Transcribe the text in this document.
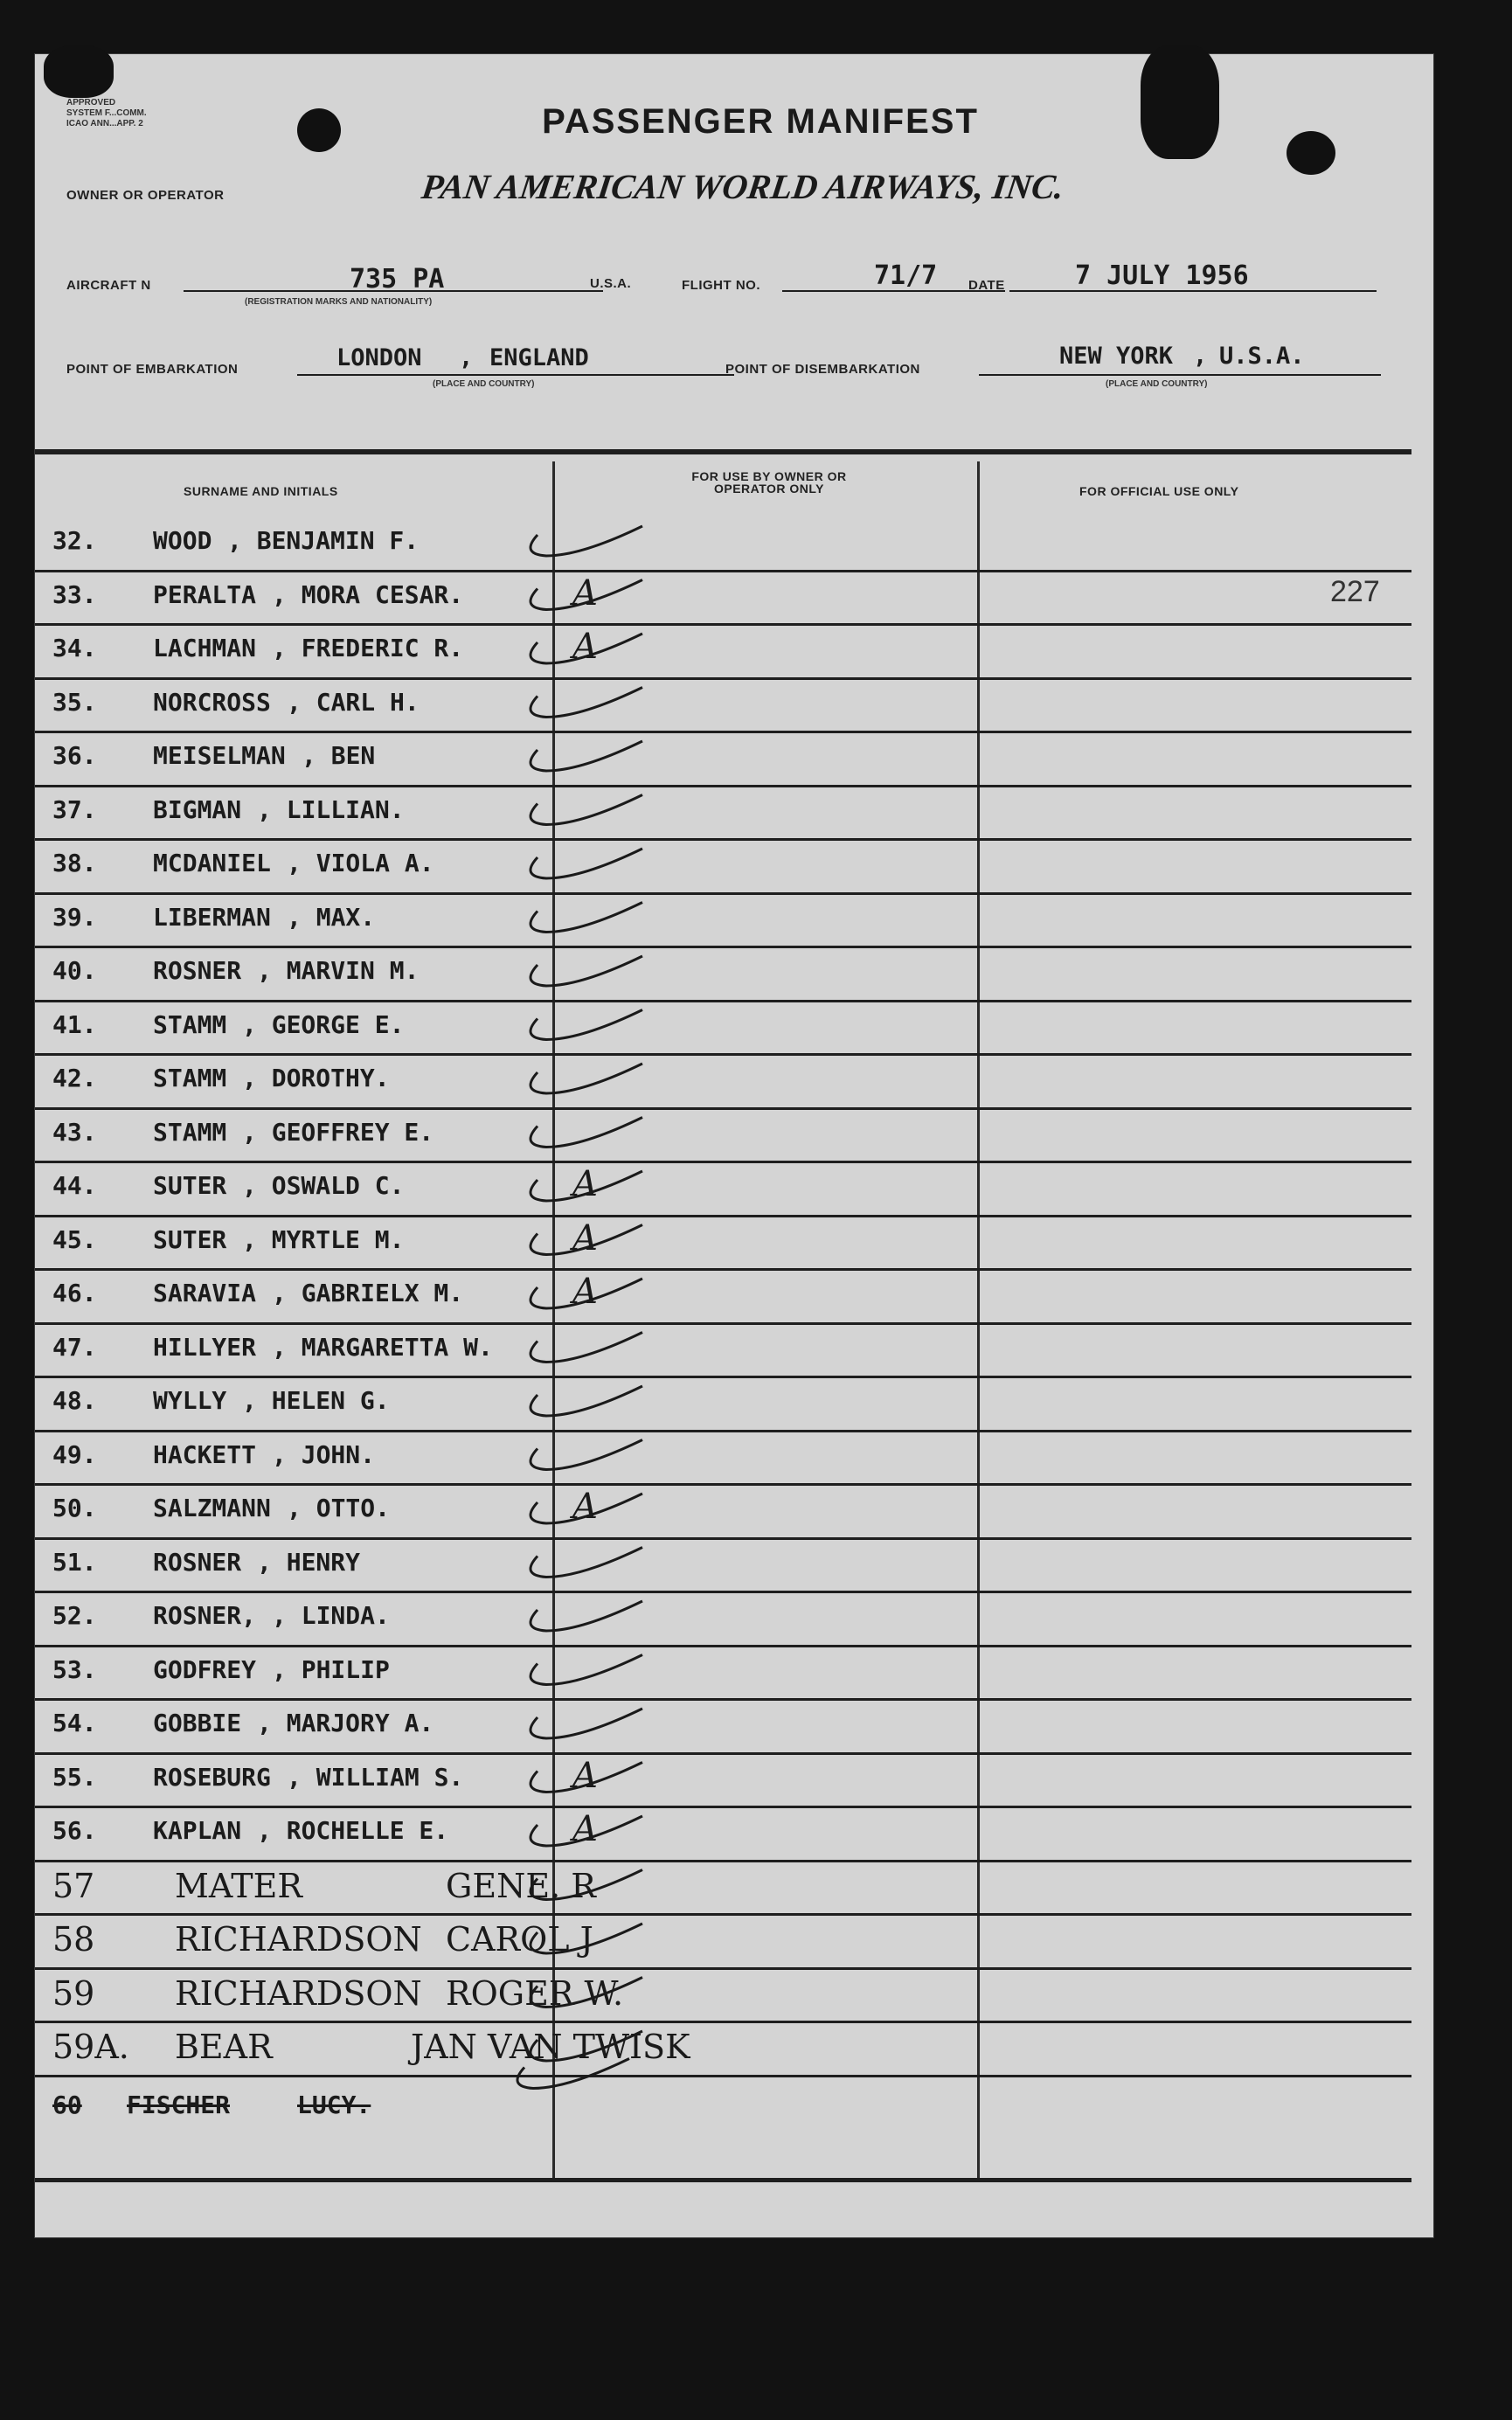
APPROVED
SYSTEM F...COMM.
ICAO ANN...APP. 2	PASSENGER MANIFEST
OWNER OR OPERATOR	PAN AMERICAN WORLD AIRWAYS, INC.
AIRCRAFT N	735 PA
(REGISTRATION MARKS AND NATIONALITY)
U.S.A.	FLIGHT NO.	71/7 DATE	7 JULY 1956
POINT OF EMBARKATION	LONDON , ENGLAND
(PLACE AND COUNTRY)
POINT OF DISEMBARKATION	NEW YORK , U.S.A.
(PLACE AND COUNTRY)
SURNAME AND INITIALS
FOR USE BY OWNER OR OPERATOR ONLY	FOR OFFICIAL USE ONLY
32. WOOD , BENJAMIN F.
33. PERALTA , MORA CESAR.	A	227
34. LACHMAN , FREDERIC R.	A
35. NORCROSS , CARL H.
36. MEISELMAN , BEN
37. BIGMAN , LILLIAN.
38. MCDANIEL , VIOLA A.
39. LIBERMAN , MAX.
40. ROSNER , MARVIN M.
41. STAMM , GEORGE E.
42. STAMM , DOROTHY.
43. STAMM , GEOFFREY E.
44. SUTER , OSWALD C.	A
45. SUTER , MYRTLE M.	A
46. SARAVIA , GABRIELX M.	A
47. HILLYER , MARGARETTA W.
48. WYLLY , HELEN G.
49. HACKETT , JOHN.
50. SALZMANN , OTTO.	A
51. ROSNER , HENRY
52. ROSNER, , LINDA.
53. GODFREY , PHILIP
54. GOBBIE , MARJORY A.
55. ROSEBURG , WILLIAM S.	A
56. KAPLAN , ROCHELLE E.	A
57 MATER	GENE. R
58 RICHARDSON CAROL J
59 RICHARDSON ROGER W.
59A. BEAR	JAN VAN TWISK
60 FISCHER	LUCY.
